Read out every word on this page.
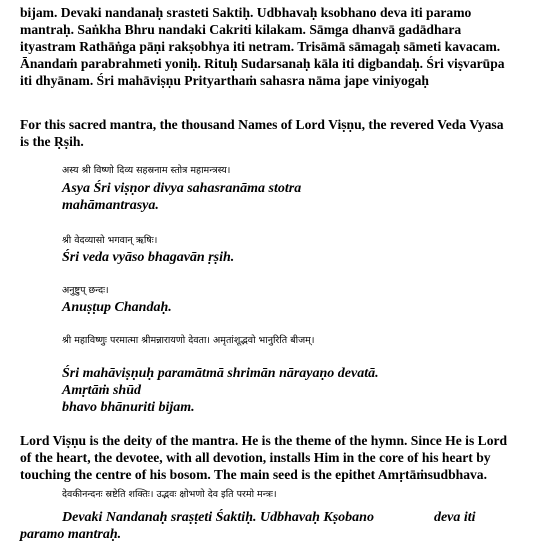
bijam. Devaki nandanaḥ srasteti Saktiḥ. Udbhavaḥ ksobhano deva iti paramo
mantraḥ. Saṅkha Bhru nandaki Cakriti kilakam. Sāmga dhanvā gadādhara
ityastram Rathāṅga pāṇi rakṣobhya iti netram. Trisāmā sāmagaḥ sāmeti kavacam.
Ānandaṁ parabrahmeti yoniḥ. Rituḥ Sudarsanaḥ kāla iti digbandaḥ. Śri viṣvarūpa
iti dhyānam. Śri mahāviṣṇu Prityarthaṁ sahasra nāma jape viniyogaḥ

For this sacred mantra, the thousand Names of Lord Viṣṇu, the revered Veda Vyasa
is the Ṛṣih.

अस्य श्री विष्णो दिव्य सहस्रनाम स्तोत्र महामन्त्रस्य।

Asya Śri viṣṇor divya sahasranāma stotra
mahāmantrasya.

श्री वेदव्यासो भगवान् ऋषिः।

Śri veda vyāso bhagavān ṛṣih.

अनुष्टुप् छन्दः।

Anuṣṭup Chandaḥ.

श्री महाविष्णुः परमात्मा श्रीमन्नारायणो देवता। अमृतांशूद्भवो भानुरिति बीजम्।

Śri mahāviṣṇuḥ paramātmā shrimān nārayaṇo devatā.
Amṛtāṁ shūd
bhavo bhānuriti bijam.

Lord Viṣṇu is the deity of the mantra. He is the theme of the hymn. Since He is Lord
of the heart, the devotee, with all devotion, installs Him in the core of his heart by
touching the centre of his bosom. The main seed is the epithet Amṛtāṁsudbhava.

देवकीनन्दनः स्रष्टेति शक्तिः। उद्भवः क्षोभणो देव इति परमो मन्त्रः।

Devaki Nandanaḥ sraṣṭeti Śaktiḥ. Udbhavaḥ Kṣobano	deva iti

paramo mantraḥ.
